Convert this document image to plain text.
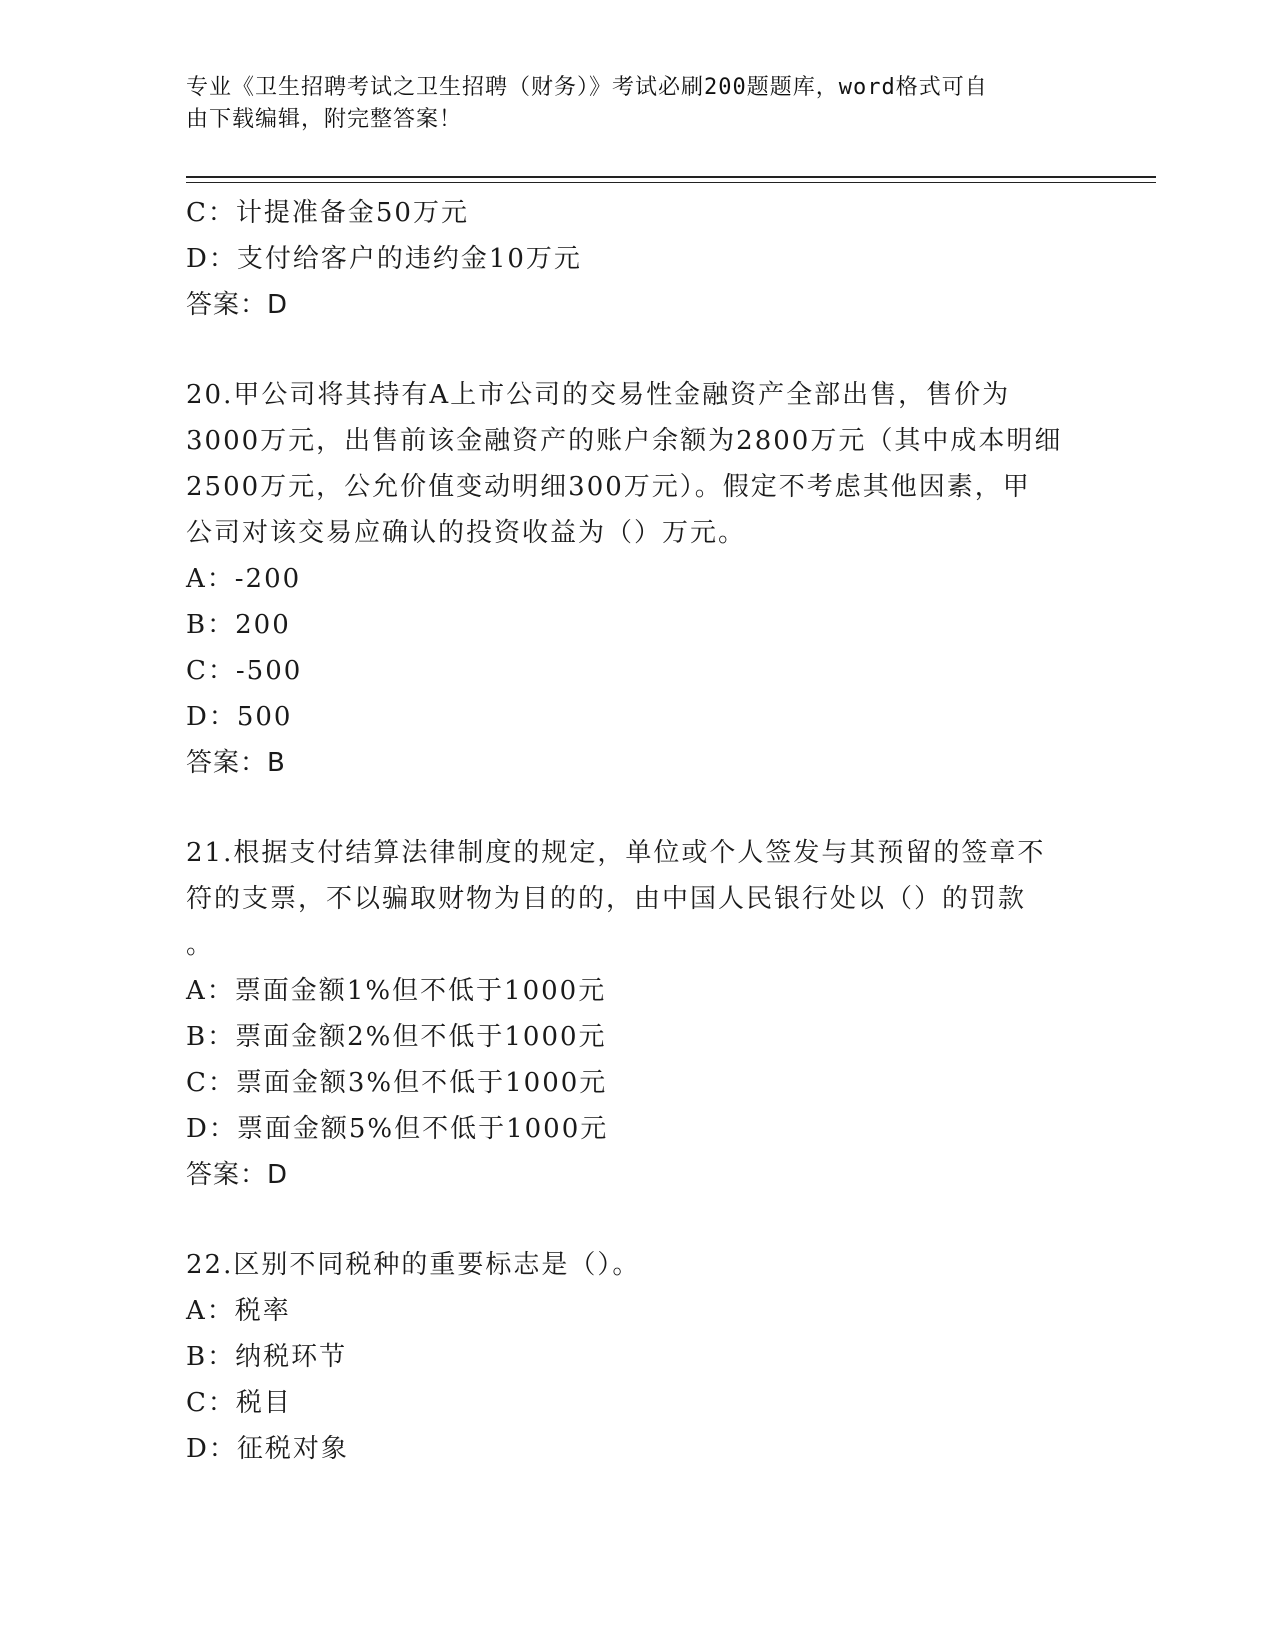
专业《卫生招聘考试之卫生招聘（财务）》考试必刷200题题库，word格式可自
由下载编辑，附完整答案！
C：计提准备金50万元
D：支付给客户的违约金10万元
答案：D
20.甲公司将其持有A上市公司的交易性金融资产全部出售，售价为
3000万元，出售前该金融资产的账户余额为2800万元（其中成本明细
2500万元，公允价值变动明细300万元）。假定不考虑其他因素，甲
公司对该交易应确认的投资收益为（）万元。
A：-200
B：200
C：-500
D：500
答案：B
21.根据支付结算法律制度的规定，单位或个人签发与其预留的签章不
符的支票，不以骗取财物为目的的，由中国人民银行处以（）的罚款
。
A：票面金额1%但不低于1000元
B：票面金额2%但不低于1000元
C：票面金额3%但不低于1000元
D：票面金额5%但不低于1000元
答案：D
22.区别不同税种的重要标志是（）。
A：税率
B：纳税环节
C：税目
D：征税对象
